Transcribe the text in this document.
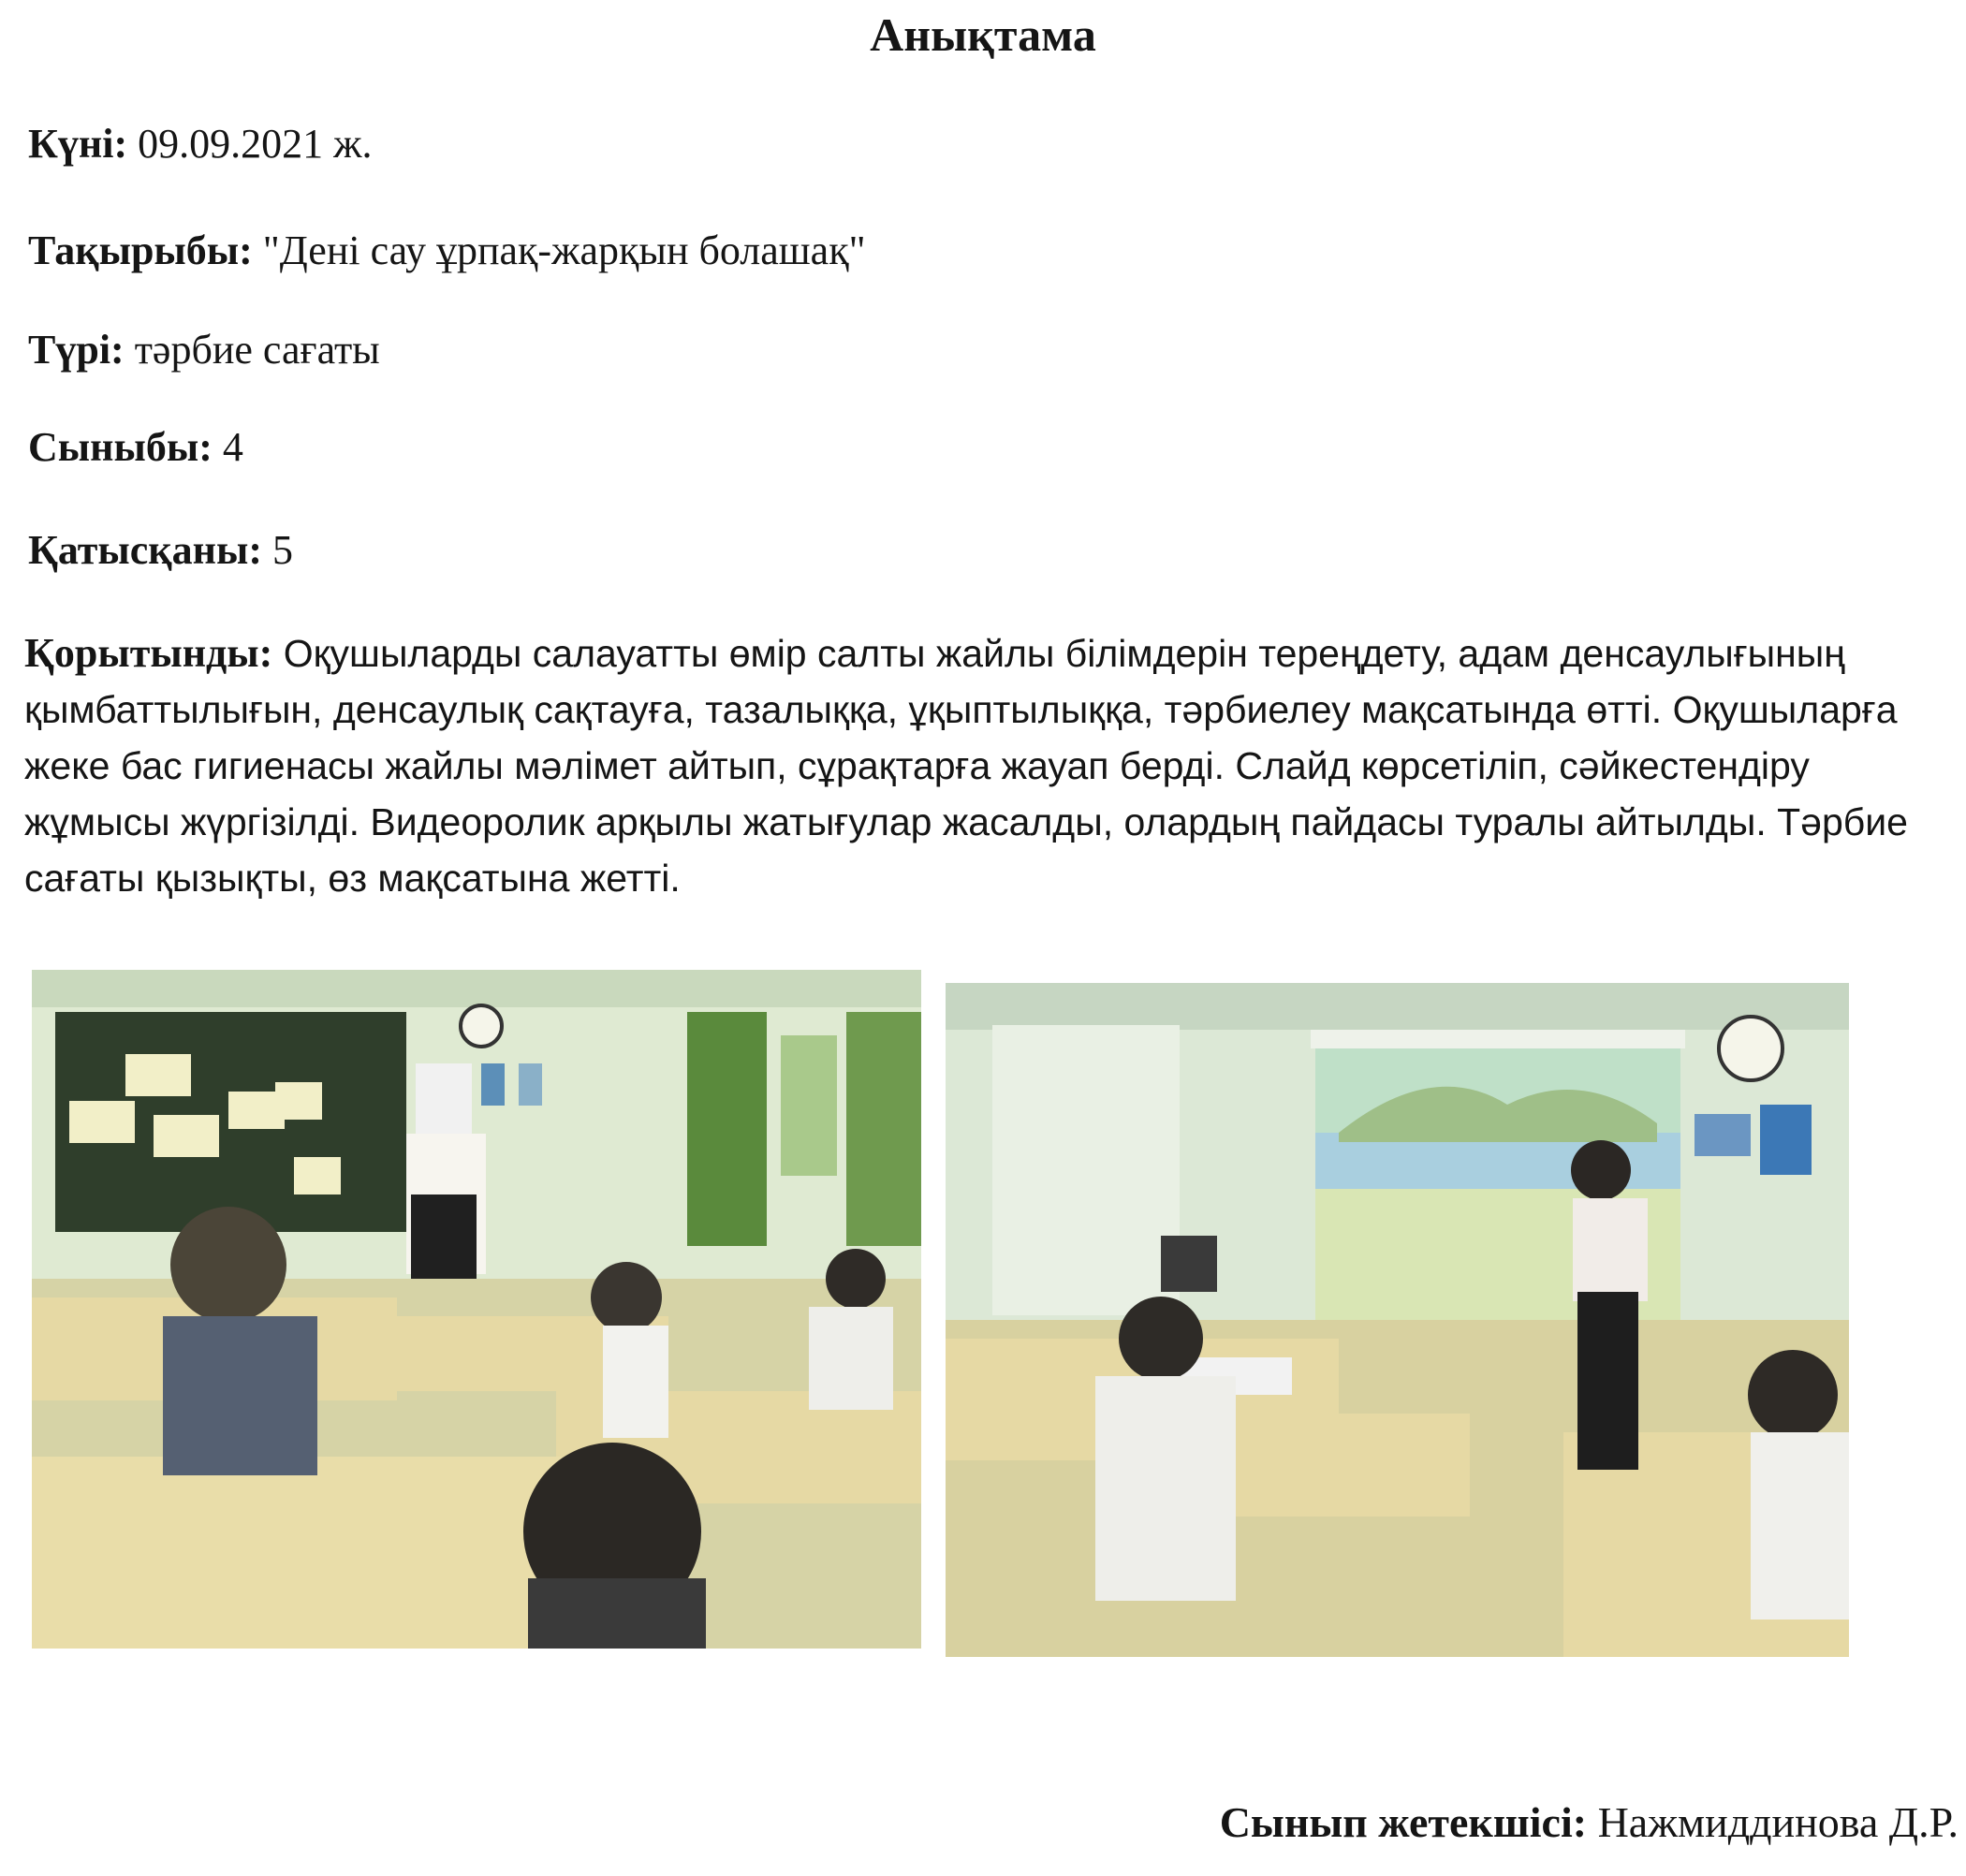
Анықтама
Күні: 09.09.2021 ж.
Тақырыбы: "Дені сау ұрпақ-жарқын болашақ"
Түрі: тәрбие сағаты
Сыныбы: 4
Қатысқаны: 5
Қорытынды: Оқушыларды салауатты өмір салты жайлы білімдерін тереңдету, адам денсаулығының қымбаттылығын, денсаулық сақтауға, тазалыққа, ұқыптылыққа, тәрбиелеу мақсатында өтті. Оқушыларға жеке бас гигиенасы жайлы мәлімет айтып, сұрақтарға жауап берді. Слайд көрсетіліп, сәйкестендіру жұмысы жүргізілді. Видеоролик арқылы жатығулар жасалды, олардың пайдасы туралы айтылды. Тәрбие сағаты қызықты, өз мақсатына жетті.
Сынып жетекшісі: Нажмиддинова Д.Р.
